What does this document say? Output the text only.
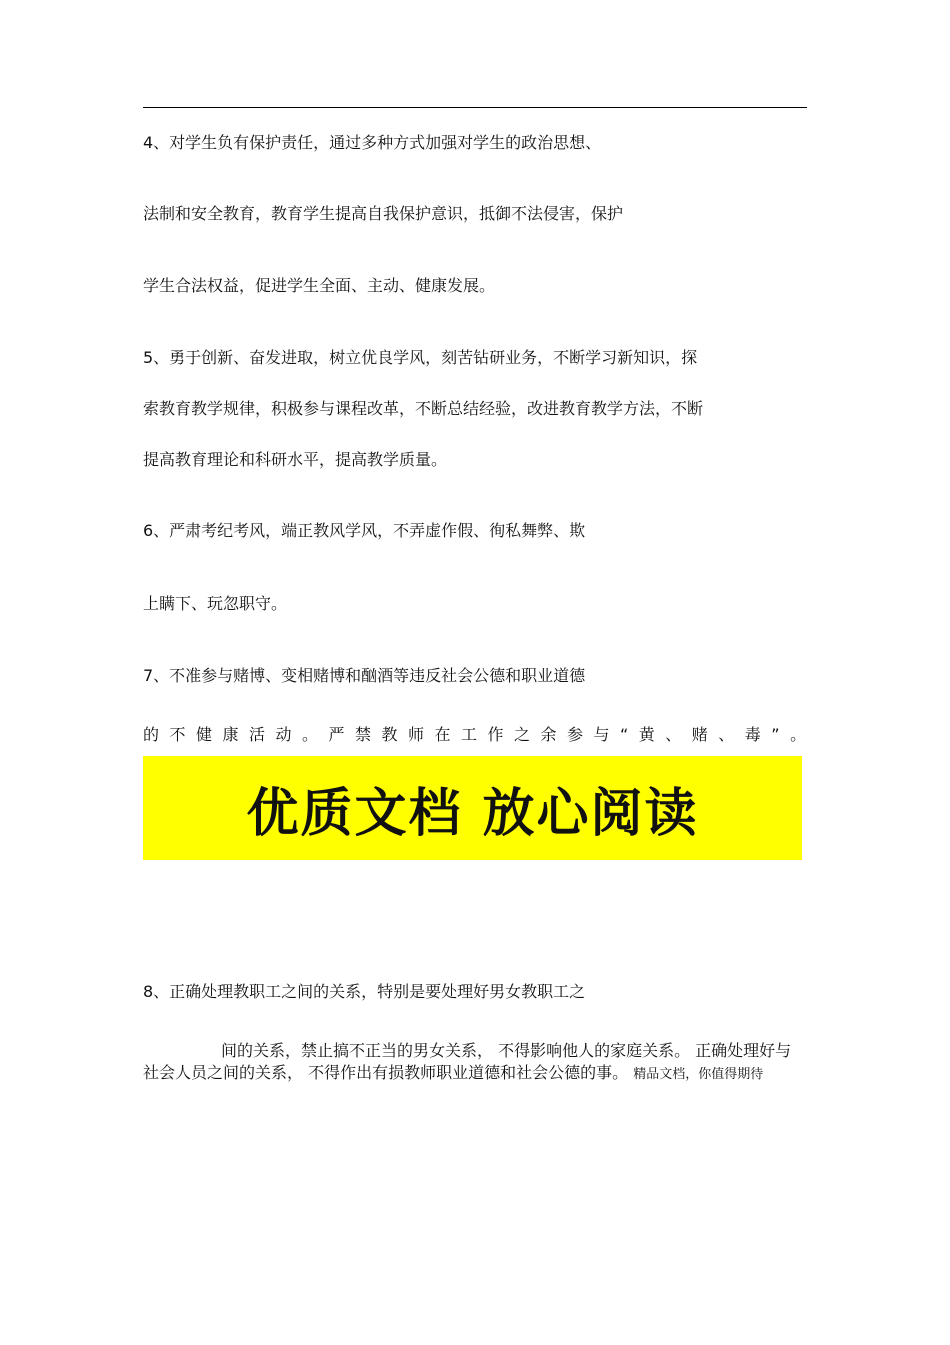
4、对学生负有保护责任，通过多种方式加强对学生的政治思想、
法制和安全教育，教育学生提高自我保护意识，抵御不法侵害，保护
学生合法权益，促进学生全面、主动、健康发展。
5、勇于创新、奋发进取，树立优良学风，刻苦钻研业务，不断学习新知识，探
索教育教学规律，积极参与课程改革，不断总结经验，改进教育教学方法，不断
提高教育理论和科研水平，提高教学质量。
6、严肃考纪考风，端正教风学风，不弄虚作假、徇私舞弊、欺
上瞒下、玩忽职守。
7、不准参与赌博、变相赌博和酗酒等违反社会公德和职业道德
的不健康活动。严禁教师在工作之余参与“黄、赌、毒”。
优质文档 放心阅读
8、正确处理教职工之间的关系，特别是要处理好男女教职工之
间的关系，禁止搞不正当的男女关系， 不得影响他人的家庭关系。 正确处理好与社会人员之间的关系， 不得作出有损教师职业道德和社会公德的事。 精品文档，你值得期待
